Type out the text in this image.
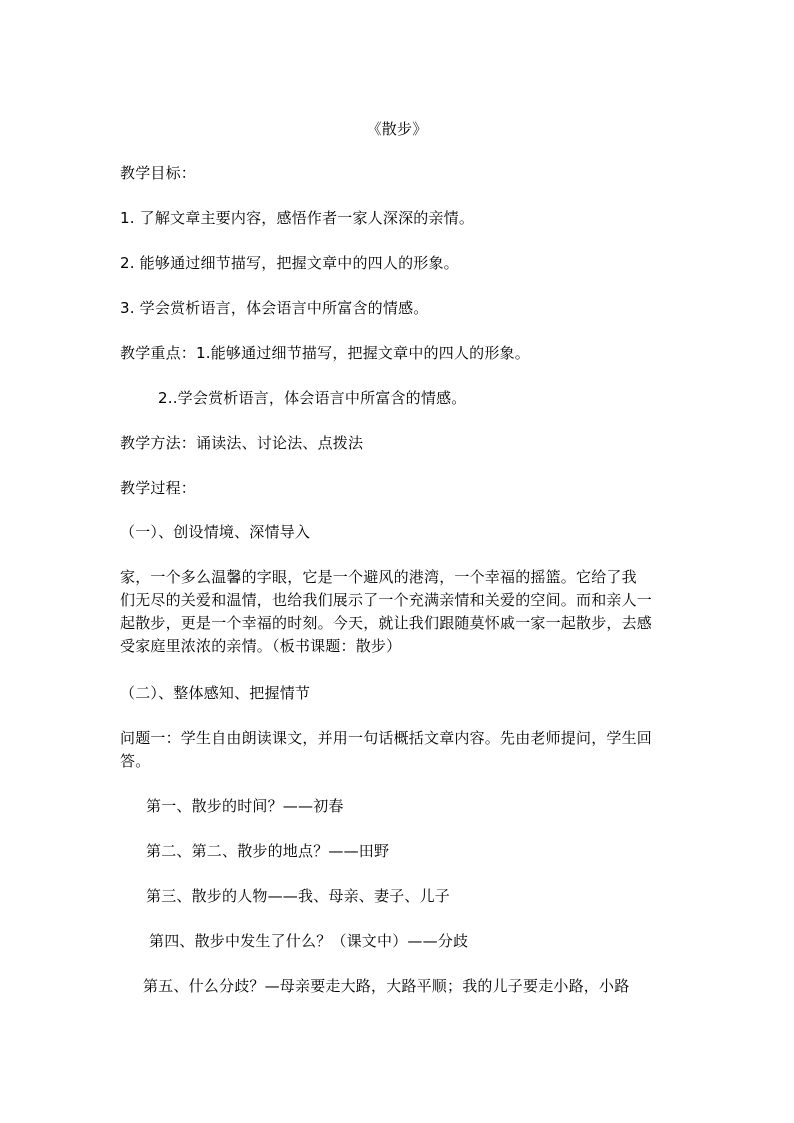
《散步》
教学目标：
1. 了解文章主要内容，感悟作者一家人深深的亲情。
2. 能够通过细节描写，把握文章中的四人的形象。
3. 学会赏析语言，体会语言中所富含的情感。
教学重点：1.能够通过细节描写，把握文章中的四人的形象。
2..学会赏析语言，体会语言中所富含的情感。
教学方法：诵读法、讨论法、点拨法
教学过程：
（一）、创设情境、深情导入
家，一个多么温馨的字眼，它是一个避风的港湾，一个幸福的摇篮。它给了我
们无尽的关爱和温情，也给我们展示了一个充满亲情和关爱的空间。而和亲人一
起散步，更是一个幸福的时刻。今天，就让我们跟随莫怀戚一家一起散步，去感
受家庭里浓浓的亲情。（板书课题：散步）
（二）、整体感知、把握情节
问题一：学生自由朗读课文，并用一句话概括文章内容。先由老师提问，学生回
答。
第一、散步的时间？——初春
第二、第二、散步的地点？——田野
第三、散步的人物——我、母亲、妻子、儿子
第四、散步中发生了什么？（课文中）——分歧
第五、什么分歧？—母亲要走大路，大路平顺；我的儿子要走小路，小路
